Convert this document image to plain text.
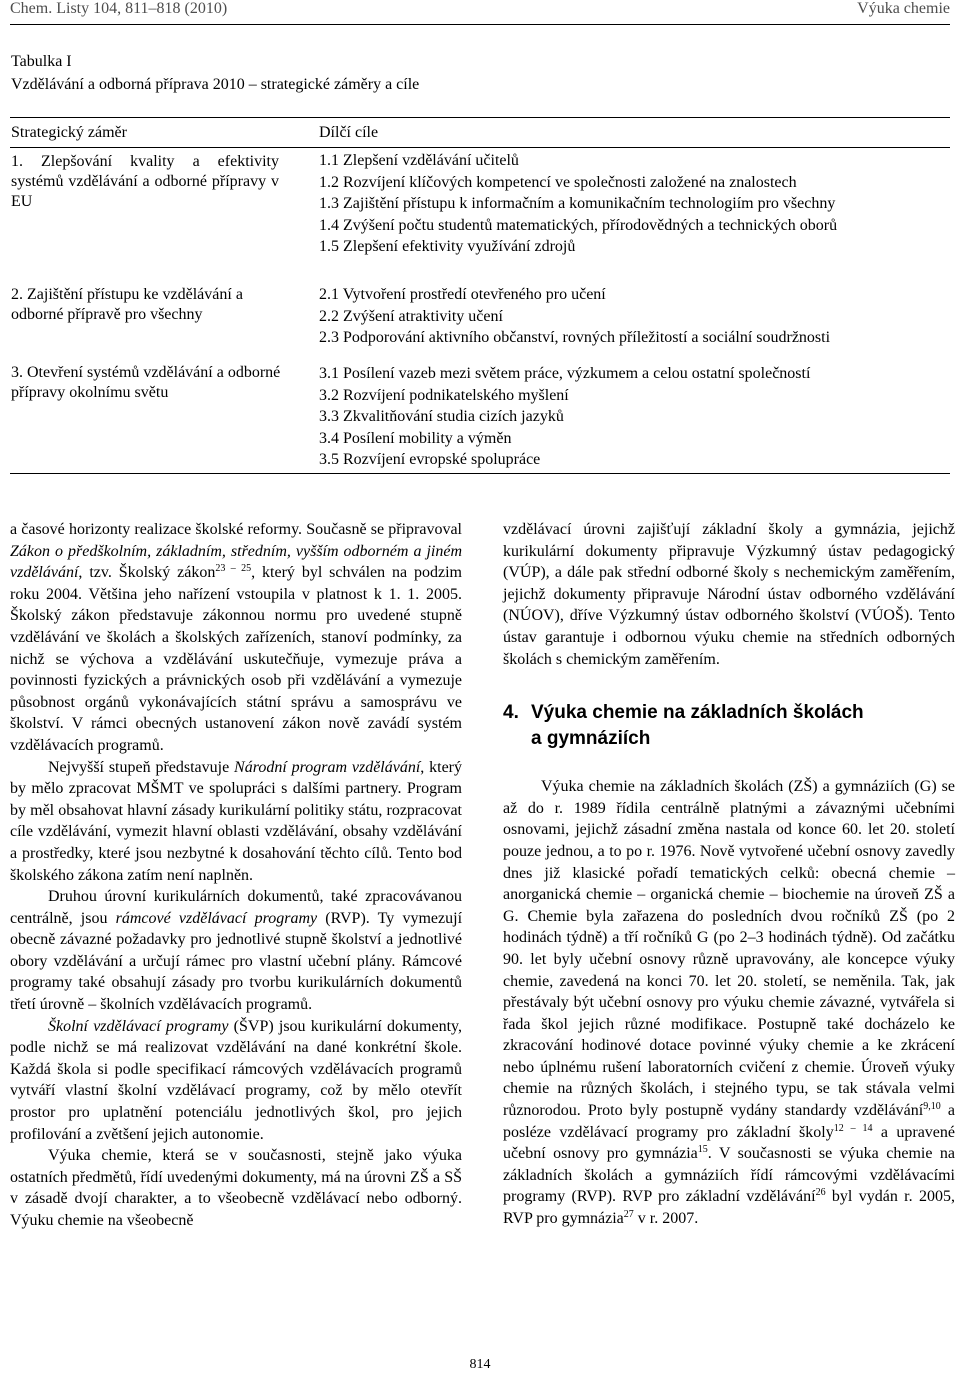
Chem. Listy 104, 811–818 (2010)	Výuka chemie
Tabulka I
Vzdělávání a odborná příprava 2010 – strategické záměry a cíle
Strategický záměr	Dílčí cíle
1. Zlepšování kvality a efektivity systémů vzdělávání a odborné přípravy v EU
1.1 Zlepšení vzdělávání učitelů
1.2 Rozvíjení klíčových kompetencí ve společnosti založené na znalostech
1.3 Zajištění přístupu k informačním a komunikačním technologiím pro všechny
1.4 Zvýšení počtu studentů matematických, přírodovědných a technických oborů
1.5 Zlepšení efektivity využívání zdrojů
2. Zajištění přístupu ke vzdělávání a odborné přípravě pro všechny
2.1 Vytvoření prostředí otevřeného pro učení
2.2 Zvýšení atraktivity učení
2.3 Podporování aktivního občanství, rovných příležitostí a sociální soudržnosti
3. Otevření systémů vzdělávání a odborné přípravy okolnímu světu
3.1 Posílení vazeb mezi světem práce, výzkumem a celou ostatní společností
3.2 Rozvíjení podnikatelského myšlení
3.3 Zkvalitňování studia cizích jazyků
3.4 Posílení mobility a výměn
3.5 Rozvíjení evropské spolupráce

a časové horizonty realizace školské reformy. Současně se připravoval Zákon o předškolním, základním, středním, vyšším odborném a jiném vzdělávání, tzv. Školský zákon$^{23 - 25}$, který byl schválen na podzim roku 2004. Většina jeho nařízení vstoupila v platnost k 1. 1. 2005. Školský zákon představuje zákonnou normu pro uvedené stupně vzdělávání ve školách a školských zařízeních, stanoví podmínky, za nichž se výchova a vzdělávání uskutečňuje, vymezuje práva a povinnosti fyzických a právnických osob při vzdělávání a vymezuje působnost orgánů vykonávajících státní správu a samosprávu ve školství. V rámci obecných ustanovení zákon nově zavádí systém vzdělávacích programů.

Nejvyšší stupeň představuje Národní program vzdělávání, který by mělo zpracovat MŠMT ve spolupráci s dalšími partnery. Program by měl obsahovat hlavní zásady kurikulární politiky státu, rozpracovat cíle vzdělávání, vymezit hlavní oblasti vzdělávání, obsahy vzdělávání a prostředky, které jsou nezbytné k dosahování těchto cílů. Tento bod školského zákona zatím není naplněn.

Druhou úrovní kurikulárních dokumentů, také zpracovávanou centrálně, jsou rámcové vzdělávací programy (RVP). Ty vymezují obecně závazné požadavky pro jednotlivé stupně školství a jednotlivé obory vzdělávání a určují rámec pro vlastní učební plány. Rámcové programy také obsahují zásady pro tvorbu kurikulárních dokumentů třetí úrovně – školních vzdělávacích programů.

Školní vzdělávací programy (ŠVP) jsou kurikulární dokumenty, podle nichž se má realizovat vzdělávání na dané konkrétní škole. Každá škola si podle specifikací rámcových vzdělávacích programů vytváří vlastní školní vzdělávací programy, což by mělo otevřít prostor pro uplatnění potenciálu jednotlivých škol, pro jejich profilování a zvětšení jejich autonomie.

Výuka chemie, která se v současnosti, stejně jako výuka ostatních předmětů, řídí uvedenými dokumenty, má na úrovni ZŠ a SŠ v zásadě dvojí charakter, a to všeobecně vzdělávací nebo odborný. Výuku chemie na všeobecně

vzdělávací úrovni zajišťují základní školy a gymnázia, jejichž kurikulární dokumenty připravuje Výzkumný ústav pedagogický (VÚP), a dále pak střední odborné školy s nechemickým zaměřením, jejichž dokumenty připravuje Národní ústav odborného vzdělávání (NÚOV), dříve Výzkumný ústav odborného školství (VÚOŠ). Tento ústav garantuje i odbornou výuku chemie na středních odborných školách s chemickým zaměřením.

4. Výuka chemie na základních školách
a gymnáziích

Výuka chemie na základních školách (ZŠ) a gymnáziích (G) se až do r. 1989 řídila centrálně platnými a závaznými učebními osnovami, jejichž zásadní změna nastala od konce 60. let 20. století pouze jednou, a to po r. 1976. Nově vytvořené učební osnovy zavedly dnes již klasické pořadí tematických celků: obecná chemie – anorganická chemie – organická chemie – biochemie na úroveň ZŠ a G. Chemie byla zařazena do posledních dvou ročníků ZŠ (po 2 hodinách týdně) a tří ročníků G (po 2–3 hodinách týdně). Od začátku 90. let byly učební osnovy různě upravovány, ale koncepce výuky chemie, zavedená na konci 70. let 20. století, se neměnila. Tak, jak přestávaly být učební osnovy pro výuku chemie závazné, vytvářela si řada škol jejich různé modifikace. Postupně také docházelo ke zkracování hodinové dotace povinné výuky chemie a ke zkrácení nebo úplnému rušení laboratorních cvičení z chemie. Úroveň výuky chemie na různých školách, i stejného typu, se tak stávala velmi různorodou. Proto byly postupně vydány standardy vzdělávání$^{9,10}$ a posléze vzdělávací programy pro základní školy$^{12 - 14}$ a upravené učební osnovy pro gymnázia$^{15}$. V současnosti se výuka chemie na základních školách a gymnáziích řídí rámcovými vzdělávacími programy (RVP). RVP pro základní vzdělávání$^{26}$ byl vydán r. 2005, RVP pro gymnázia$^{27}$ v r. 2007.

814
